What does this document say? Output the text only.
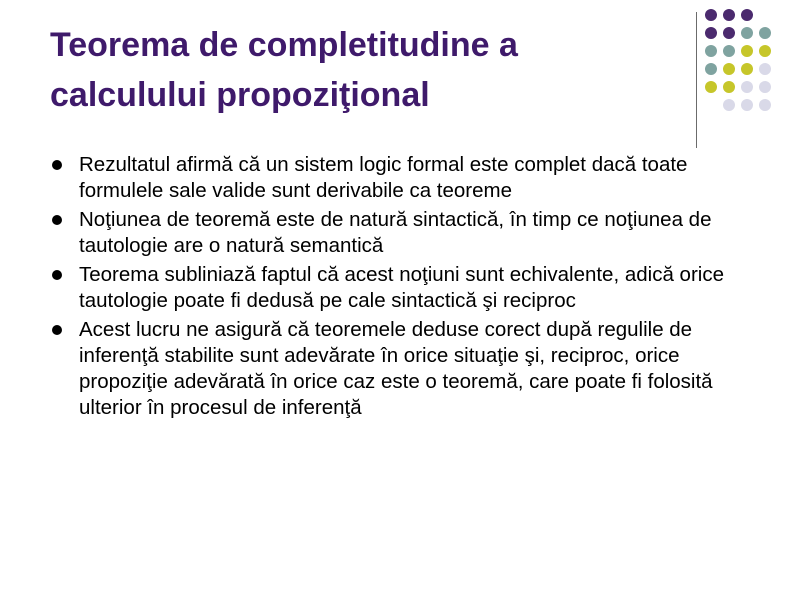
Teorema de completitudine a
calculului propoziţional
Rezultatul afirmă că un sistem logic formal este complet dacă toate formulele sale valide sunt derivabile ca teoreme
Noţiunea de teoremă este de natură sintactică, în timp ce noţiunea de tautologie are o natură semantică
Teorema subliniază faptul că acest noţiuni sunt echivalente, adică orice tautologie poate fi dedusă pe cale sintactică şi reciproc
Acest lucru ne asigură că teoremele deduse corect după regulile de inferenţă stabilite sunt adevărate în orice situaţie şi, reciproc, orice propoziţie adevărată în orice caz este o teoremă, care poate fi folosită ulterior în procesul de inferenţă
